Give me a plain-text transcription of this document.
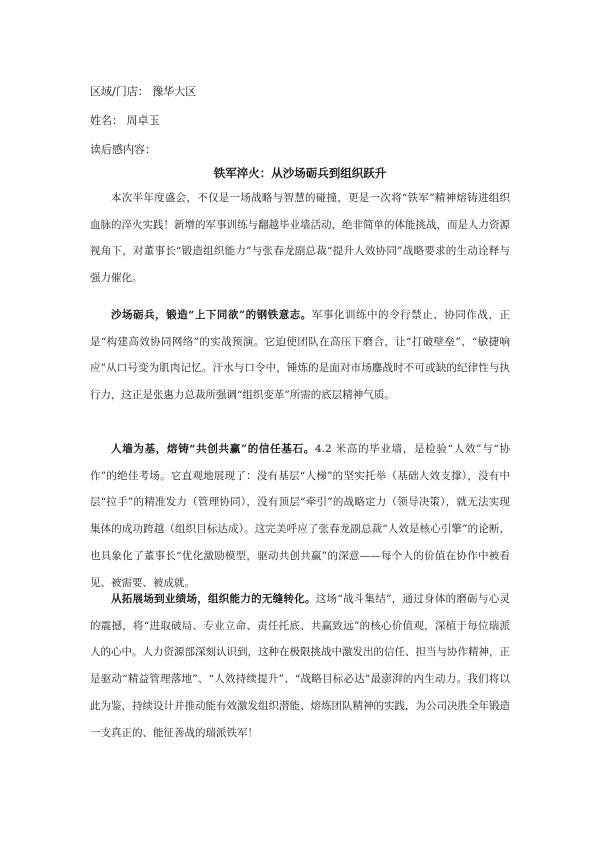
区域/门店： 豫华大区
姓名： 周卓玉
读后感内容：
铁军淬火：从沙场砺兵到组织跃升

本次半年度盛会，不仅是一场战略与智慧的碰撞，更是一次将“铁军”精神熔铸进组织血脉的淬火实践！新增的军事训练与翻越毕业墙活动，绝非简单的体能挑战，而是人力资源视角下，对董事长“锻造组织能力”与张春龙副总裁“提升人效协同”战略要求的生动诠释与强力催化。

沙场砺兵，锻造“上下同欲”的钢铁意志。军事化训练中的令行禁止、协同作战，正是“构建高效协同网络”的实战预演。它迫使团队在高压下磨合，让“打破壁垒”、“敏捷响应”从口号变为肌肉记忆。汗水与口令中，锤炼的是面对市场鏖战时不可或缺的纪律性与执行力，这正是张惠力总裁所强调“组织变革”所需的底层精神气质。

人墙为基，熔铸“共创共赢”的信任基石。4.2 米高的毕业墙，是检验“人效”与“协作”的绝佳考场。它直观地展现了：没有基层“人梯”的坚实托举（基础人效支撑），没有中层“拉手”的精准发力（管理协同），没有顶层“牵引”的战略定力（领导决策），就无法实现集体的成功跨越（组织目标达成）。这完美呼应了张春龙副总裁“人效是核心引擎”的论断，也具象化了董事长“优化激励模型，驱动共创共赢”的深意——每个人的价值在协作中被看见、被需要、被成就。

从拓展场到业绩场，组织能力的无缝转化。这场“战斗集结”，通过身体的磨砺与心灵的震撼，将“进取破局、专业立命、责任托底、共赢致远”的核心价值观，深植于每位瑞派人的心中。人力资源部深刻认识到，这种在极限挑战中激发出的信任、担当与协作精神，正是驱动“精益管理落地”、“人效持续提升”、“战略目标必达”最澎湃的内生动力。我们将以此为鉴，持续设计并推动能有效激发组织潜能、熔炼团队精神的实践，为公司决胜全年锻造一支真正的、能征善战的瑞派铁军！
